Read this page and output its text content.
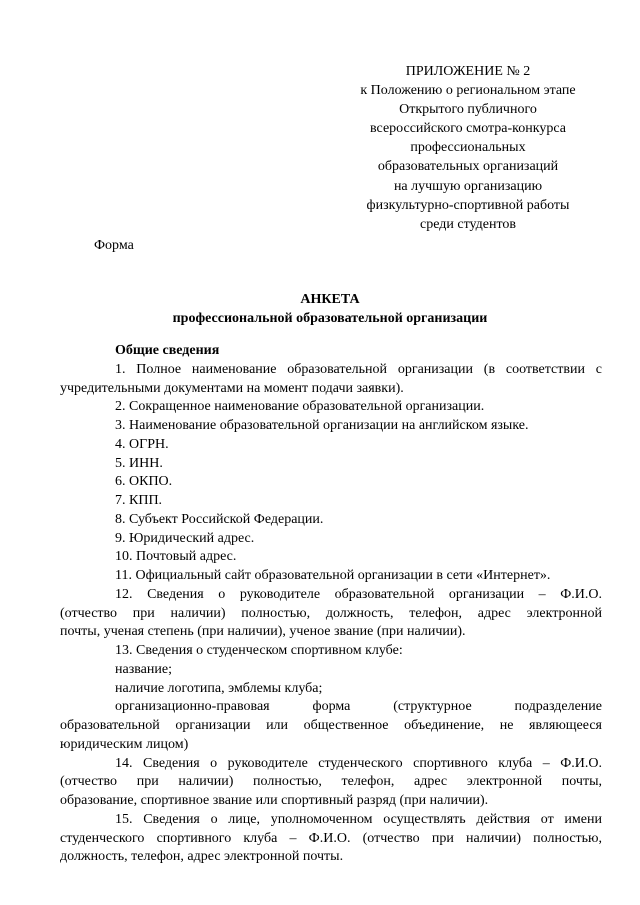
ПРИЛОЖЕНИЕ № 2
к Положению о региональном этапе
Открытого публичного
всероссийского смотра-конкурса
профессиональных
образовательных организаций
на лучшую организацию
физкультурно-спортивной работы
среди студентов
Форма
АНКЕТА
профессиональной образовательной организации
Общие сведения
1. Полное наименование образовательной организации (в соответствии с
учредительными документами на момент подачи заявки).
2. Сокращенное наименование образовательной организации.
3. Наименование образовательной организации на английском языке.
4. ОГРН.
5. ИНН.
6. ОКПО.
7. КПП.
8. Субъект Российской Федерации.
9. Юридический адрес.
10. Почтовый адрес.
11. Официальный сайт образовательной организации в сети «Интернет».
12. Сведения о руководителе образовательной организации – Ф.И.О.
(отчество при наличии) полностью, должность, телефон, адрес электронной
почты, ученая степень (при наличии), ученое звание (при наличии).
13. Сведения о студенческом спортивном клубе:
название;
наличие логотипа, эмблемы клуба;
организационно-правовая форма (структурное подразделение
образовательной организации или общественное объединение, не являющееся
юридическим лицом)
14. Сведения о руководителе студенческого спортивного клуба – Ф.И.О.
(отчество при наличии) полностью, телефон, адрес электронной почты,
образование, спортивное звание или спортивный разряд (при наличии).
15. Сведения о лице, уполномоченном осуществлять действия от имени
студенческого спортивного клуба – Ф.И.О. (отчество при наличии) полностью,
должность, телефон, адрес электронной почты.
